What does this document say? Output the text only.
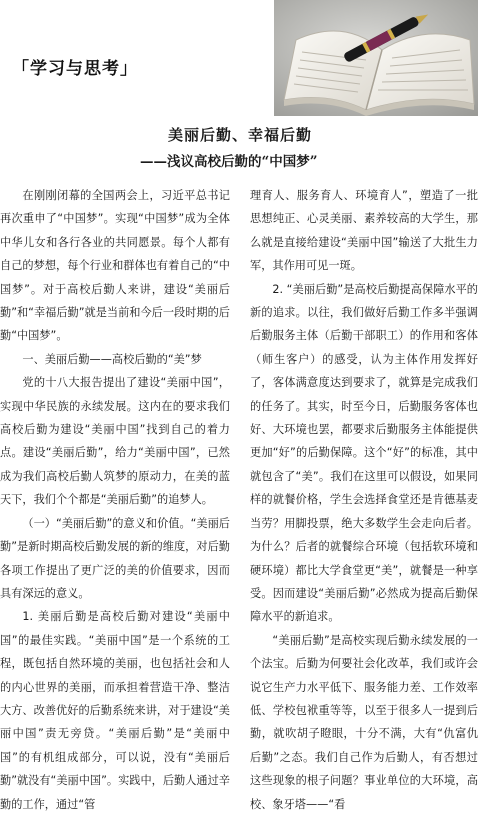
「学习与思考」
美丽后勤、幸福后勤
——浅议高校后勤的“中国梦”

在刚刚闭幕的全国两会上，习近平总书记再次重申了“中国梦”。实现“中国梦”成为全体中华儿女和各行各业的共同愿景。每个人都有自己的梦想，每个行业和群体也有着自己的“中国梦”。对于高校后勤人来讲，建设“美丽后勤”和“幸福后勤”就是当前和今后一段时期的后勤“中国梦”。

一、美丽后勤——高校后勤的“美”梦

党的十八大报告提出了建设“美丽中国”，实现中华民族的永续发展。这内在的要求我们高校后勤为建设“美丽中国”找到自己的着力点。建设“美丽后勤”，给力“美丽中国”，已然成为我们高校后勤人筑梦的原动力，在美的蓝天下，我们个个都是“美丽后勤”的追梦人。

（一）“美丽后勤”的意义和价值。“美丽后勤”是新时期高校后勤发展的新的维度，对后勤各项工作提出了更广泛的美的价值要求，因而具有深远的意义。

1. 美丽后勤是高校后勤对建设“美丽中国”的最佳实践。“美丽中国”是一个系统的工程，既包括自然环境的美丽，也包括社会和人的内心世界的美丽，而承担着营造干净、整洁大方、改善优好的后勤系统来讲，对于建设“美丽中国”责无旁贷。“美丽后勤”是“美丽中国”的有机组成部分，可以说，没有“美丽后勤”就没有“美丽中国”。实践中，后勤人通过辛勤的工作，通过“管

理育人、服务育人、环境育人”，塑造了一批思想纯正、心灵美丽、素养较高的大学生，那么就是直接给建设“美丽中国”输送了大批生力军，其作用可见一斑。

2. “美丽后勤”是高校后勤提高保障水平的新的追求。以往，我们做好后勤工作多半强调后勤服务主体（后勤干部职工）的作用和客体（师生客户）的感受，认为主体作用发挥好了，客体满意度达到要求了，就算是完成我们的任务了。其实，时至今日，后勤服务客体也好、大环境也罢，都要求后勤服务主体能提供更加“好”的后勤保障。这个“好”的标准，其中就包含了“美”。我们在这里可以假设，如果同样的就餐价格，学生会选择食堂还是肯德基麦当劳？用脚投票，绝大多数学生会走向后者。为什么？后者的就餐综合环境（包括软环境和硬环境）都比大学食堂更“美”，就餐是一种享受。因而建设“美丽后勤”必然成为提高后勤保障水平的新追求。

“美丽后勤”是高校实现后勤永续发展的一个法宝。后勤为何要社会化改革，我们或许会说它生产力水平低下、服务能力差、工作效率低、学校包袱重等等，以至于很多人一提到后勤，就吹胡子瞪眼，十分不满，大有“仇富仇后勤”之态。我们自己作为后勤人，有否想过这些现象的根子问题？事业单位的大环境，高校、象牙塔——“看
